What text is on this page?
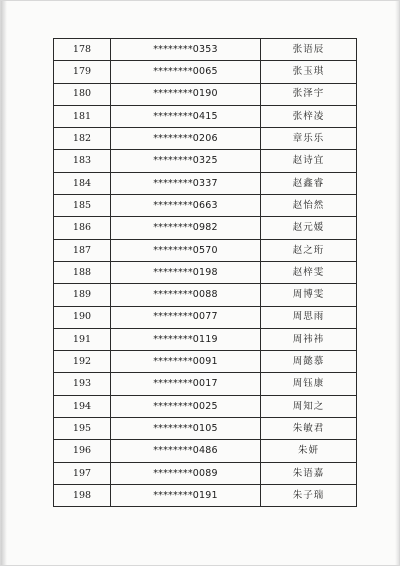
178	********0353	张语辰
179	********0065	张玉琪
180	********0190	张泽宇
181	********0415	张梓凌
182	********0206	章乐乐
183	********0325	赵诗宜
184	********0337	赵鑫睿
185	********0663	赵怡然
186	********0982	赵元媛
187	********0570	赵之珩
188	********0198	赵梓雯
189	********0088	周博雯
190	********0077	周思雨
191	********0119	周祎祎
192	********0091	周懿慕
193	********0017	周钰康
194	********0025	周知之
195	********0105	朱敏君
196	********0486	朱妍
197	********0089	朱语嘉
198	********0191	朱子瑞
